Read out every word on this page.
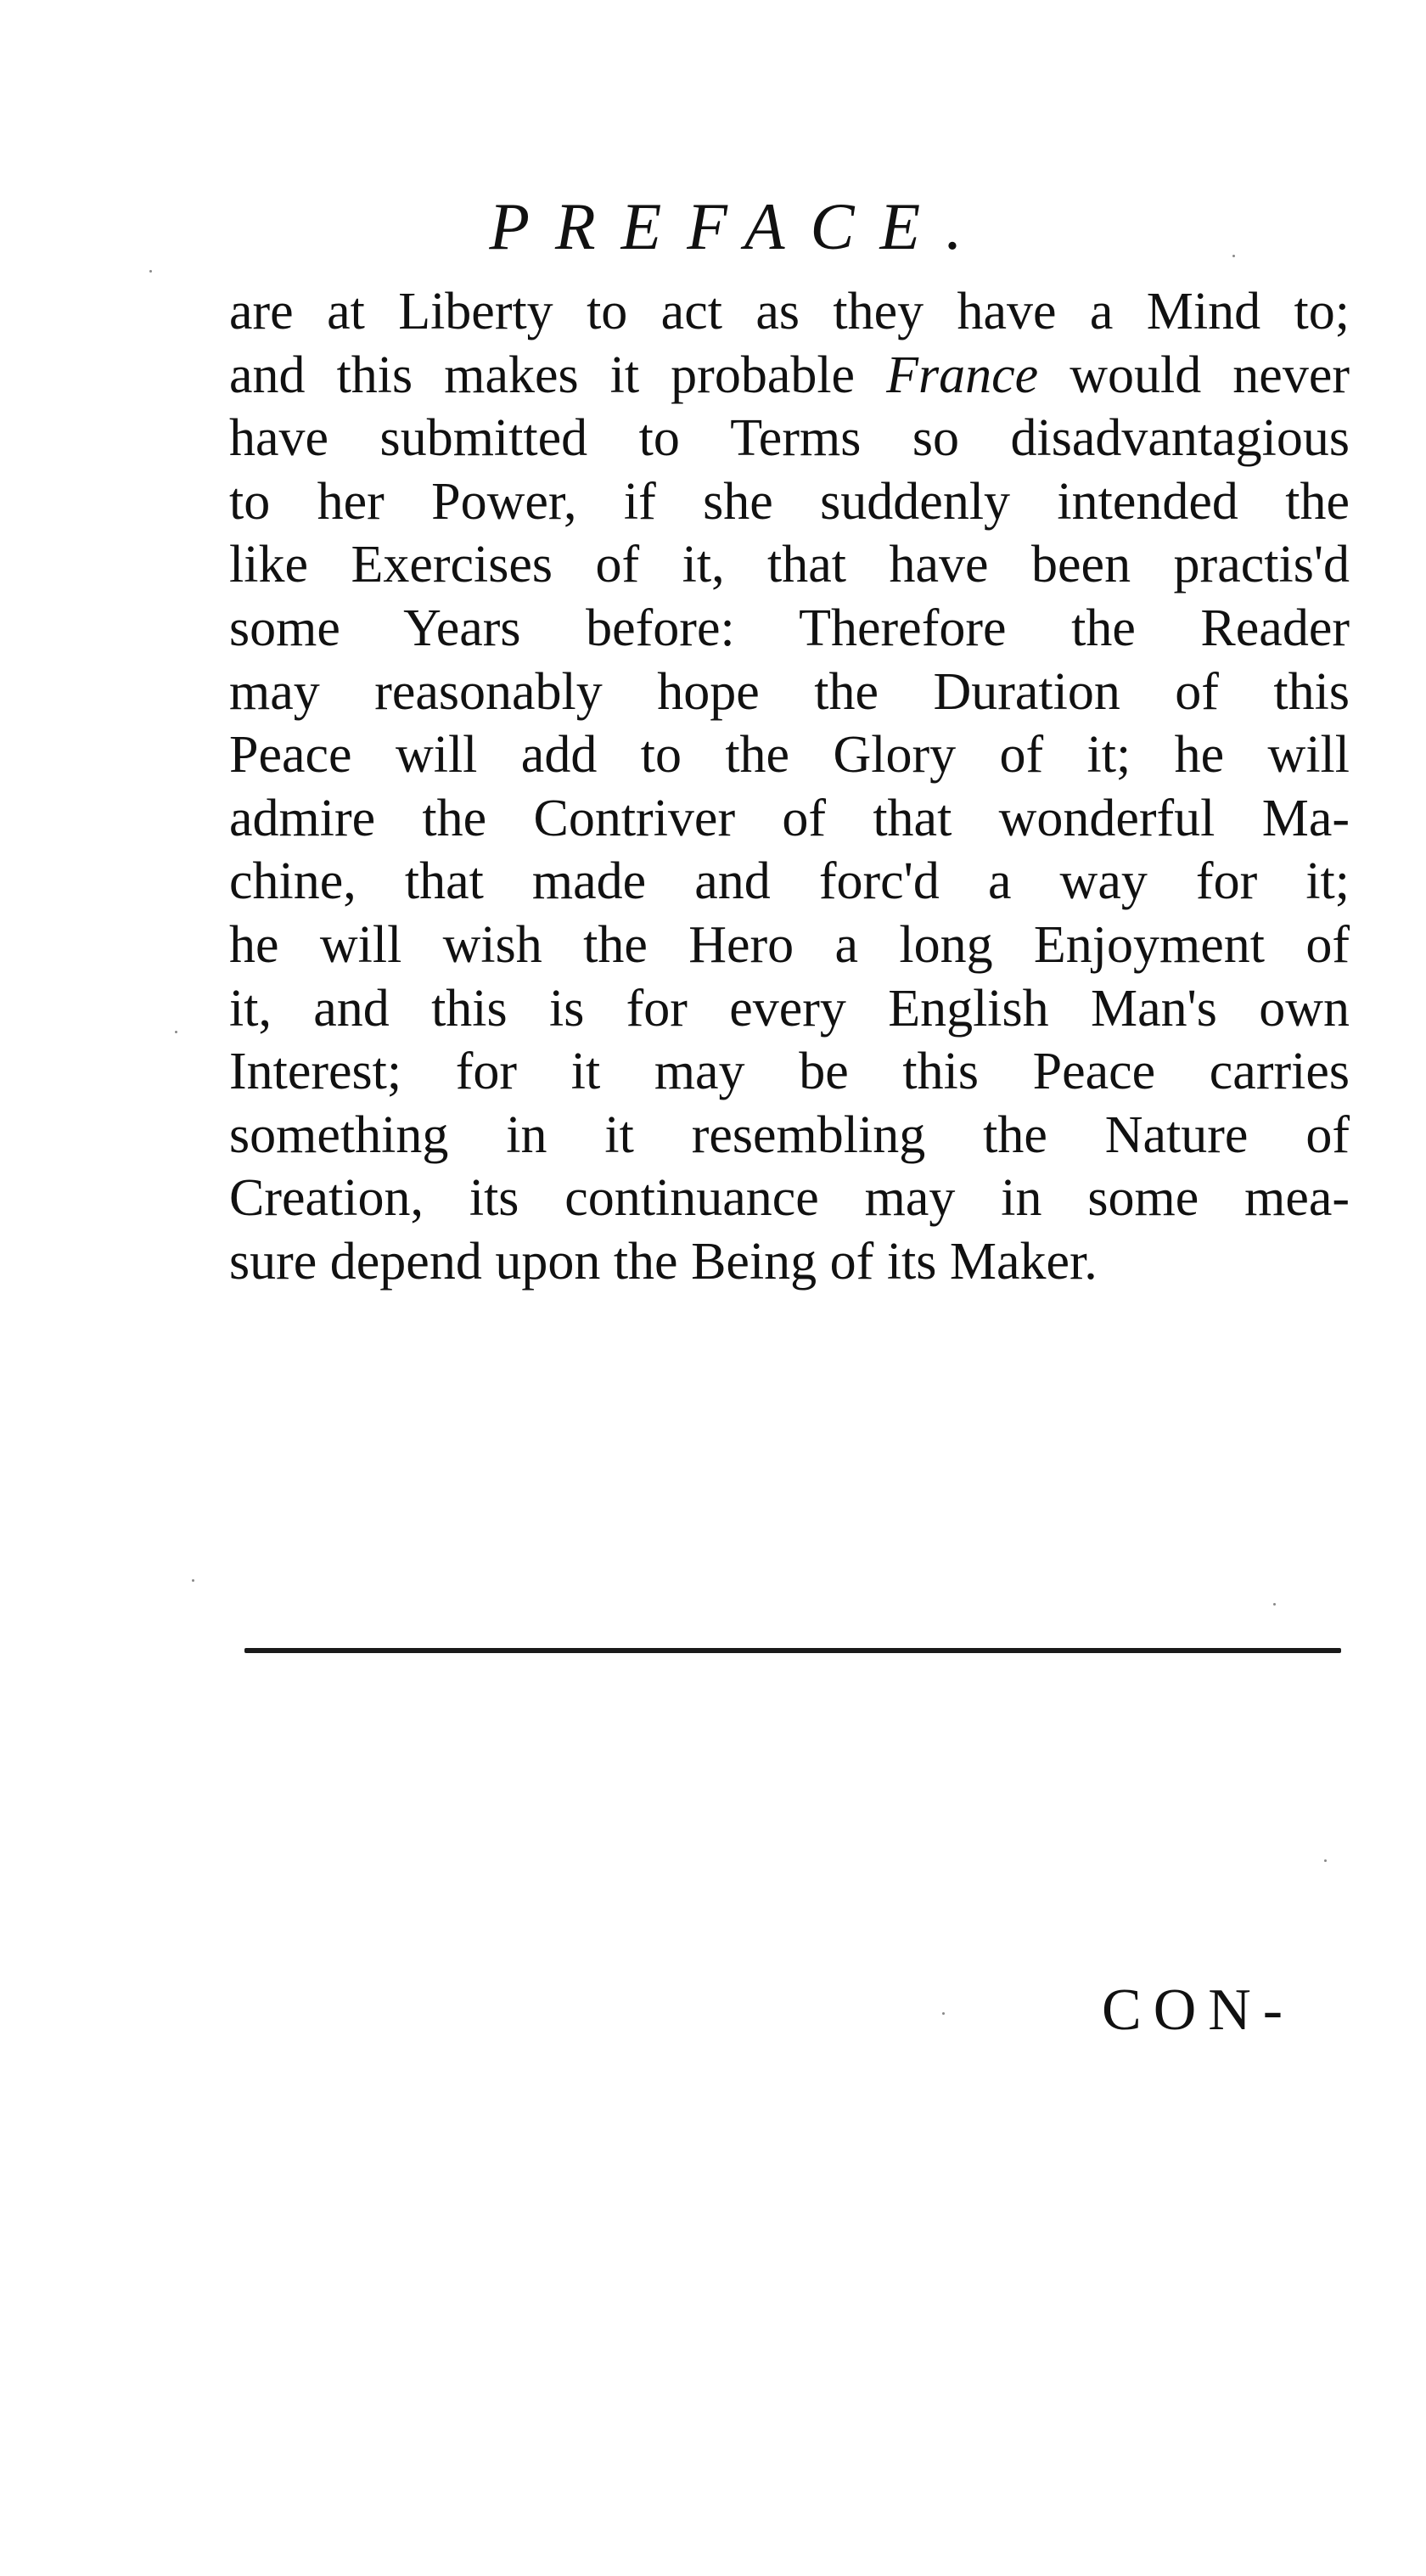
PREFACE.
are at Liberty to act as they have a Mind to;
and this makes it probable France would never
have submitted to Terms so disadvantagious
to her Power, if she suddenly intended the
like Exercises of it, that have been practis'd
some Years before: Therefore the Reader
may reasonably hope the Duration of this
Peace will add to the Glory of it; he will
admire the Contriver of that wonderful Ma-
chine, that made and forc'd a way for it;
he will wish the Hero a long Enjoyment of
it, and this is for every English Man's own
Interest; for it may be this Peace carries
something in it resembling the Nature of
Creation, its continuance may in some mea-
sure depend upon the Being of its Maker.
CON-
